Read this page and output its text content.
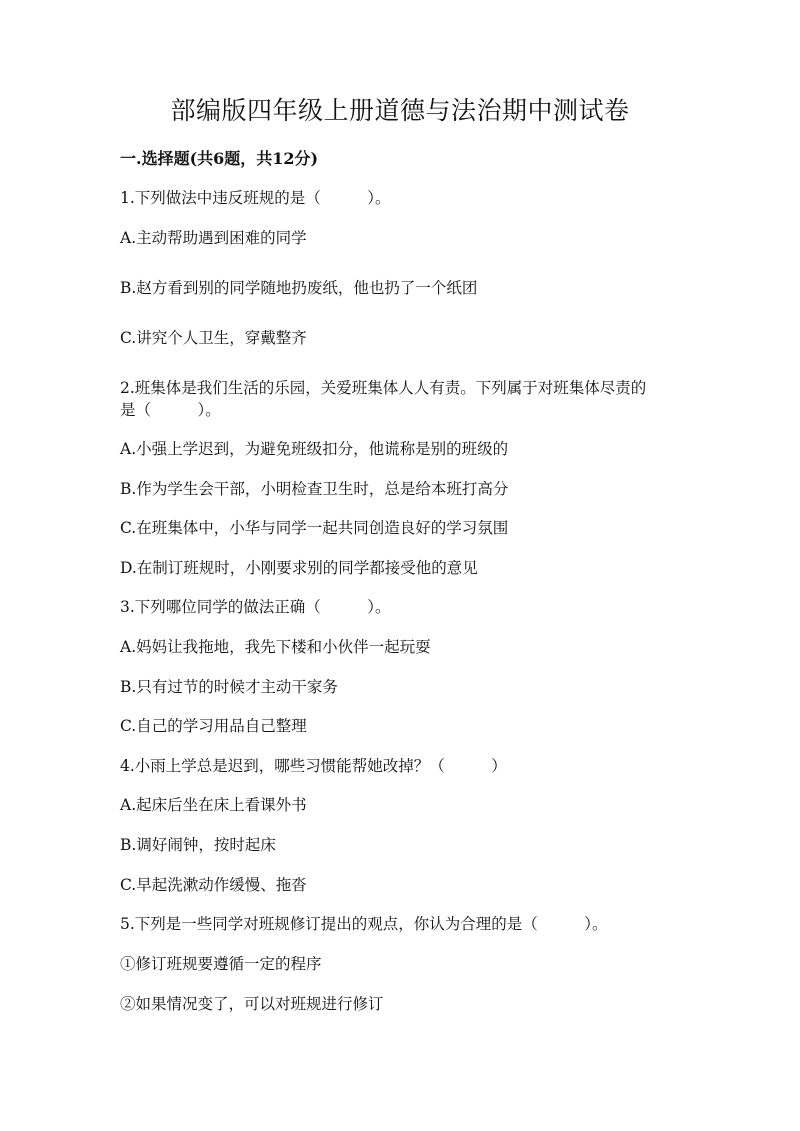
部编版四年级上册道德与法治期中测试卷
一.选择题(共6题，共12分)
1.下列做法中违反班规的是（　　　）。
A.主动帮助遇到困难的同学
B.赵方看到别的同学随地扔废纸，他也扔了一个纸团
C.讲究个人卫生，穿戴整齐
2.班集体是我们生活的乐园，关爱班集体人人有责。下列属于对班集体尽责的
是（　　　）。
A.小强上学迟到，为避免班级扣分，他谎称是别的班级的
B.作为学生会干部，小明检查卫生时，总是给本班打高分
C.在班集体中，小华与同学一起共同创造良好的学习氛围
D.在制订班规时，小刚要求别的同学都接受他的意见
3.下列哪位同学的做法正确（　　　）。
A.妈妈让我拖地，我先下楼和小伙伴一起玩耍
B.只有过节的时候才主动干家务
C.自己的学习用品自己整理
4.小雨上学总是迟到，哪些习惯能帮她改掉？（　　　）
A.起床后坐在床上看课外书
B.调好闹钟，按时起床
C.早起洗漱动作缓慢、拖沓
5.下列是一些同学对班规修订提出的观点，你认为合理的是（　　　）。
①修订班规要遵循一定的程序
②如果情况变了，可以对班规进行修订
